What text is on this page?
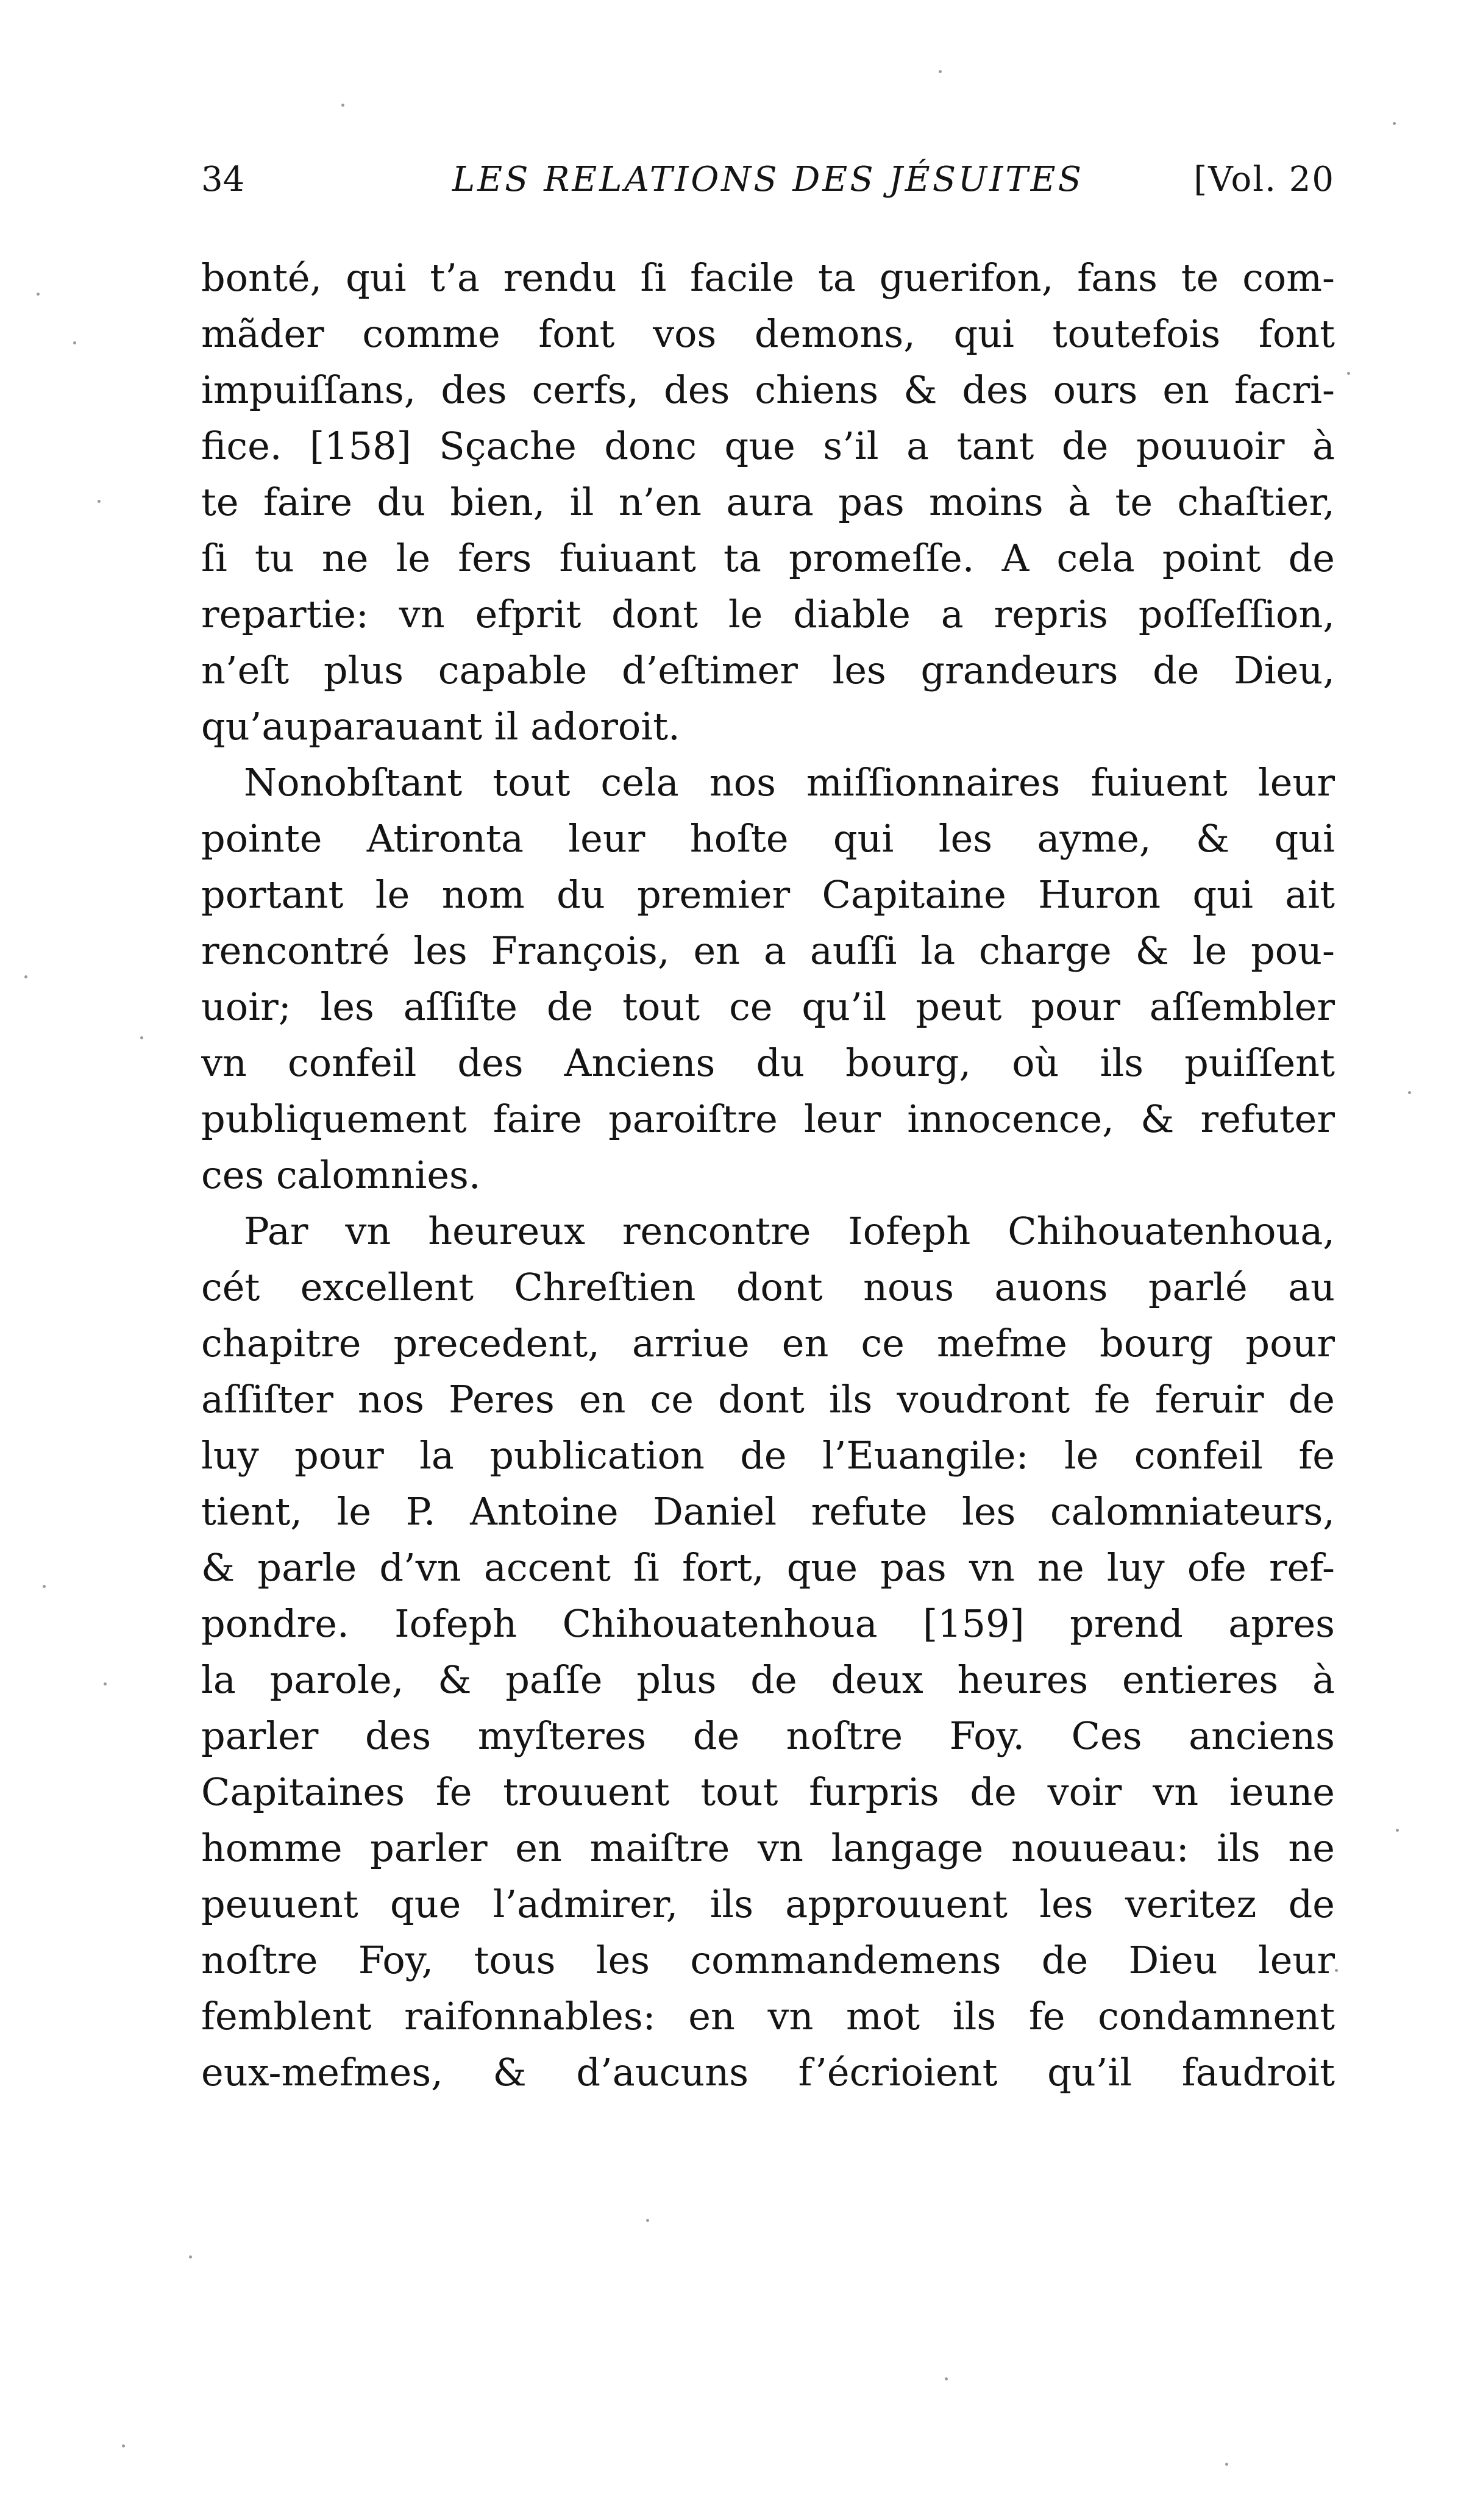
34	LES RELATIONS DES JÉSUITES	[Vol. 20
bonté, qui t’a rendu ſi facile ta guerifon, fans te com-
mãder comme font vos demons, qui toutefois font
impuiſſans, des cerfs, des chiens & des ours en facri-
fice. [158] Sçache donc que s’il a tant de pouuoir à
te faire du bien, il n’en aura pas moins à te chaſtier,
ſi tu ne le fers fuiuant ta promeſſe. A cela point de
repartie: vn efprit dont le diable a repris poſſeſſion,
n’eſt plus capable d’eſtimer les grandeurs de Dieu,
qu’auparauant il adoroit.
Nonobſtant tout cela nos miſſionnaires fuiuent leur
pointe Atironta leur hoſte qui les ayme, & qui
portant le nom du premier Capitaine Huron qui ait
rencontré les François, en a auſſi la charge & le pou-
uoir; les aſſiſte de tout ce qu’il peut pour aſſembler
vn confeil des Anciens du bourg, où ils puiſſent
publiquement faire paroiſtre leur innocence, & refuter
ces calomnies.
Par vn heureux rencontre Iofeph Chihouatenhoua,
cét excellent Chreſtien dont nous auons parlé au
chapitre precedent, arriue en ce mefme bourg pour
aſſiſter nos Peres en ce dont ils voudront fe feruir de
luy pour la publication de l’Euangile: le confeil fe
tient, le P. Antoine Daniel refute les calomniateurs,
& parle d’vn accent ſi fort, que pas vn ne luy ofe ref-
pondre. Iofeph Chihouatenhoua [159] prend apres
la parole, & paſſe plus de deux heures entieres à
parler des myſteres de noſtre Foy. Ces anciens
Capitaines fe trouuent tout furpris de voir vn ieune
homme parler en maiſtre vn langage nouueau: ils ne
peuuent que l’admirer, ils approuuent les veritez de
noſtre Foy, tous les commandemens de Dieu leur
femblent raifonnables: en vn mot ils fe condamnent
eux-mefmes, & d’aucuns f’écrioient qu’il faudroit
